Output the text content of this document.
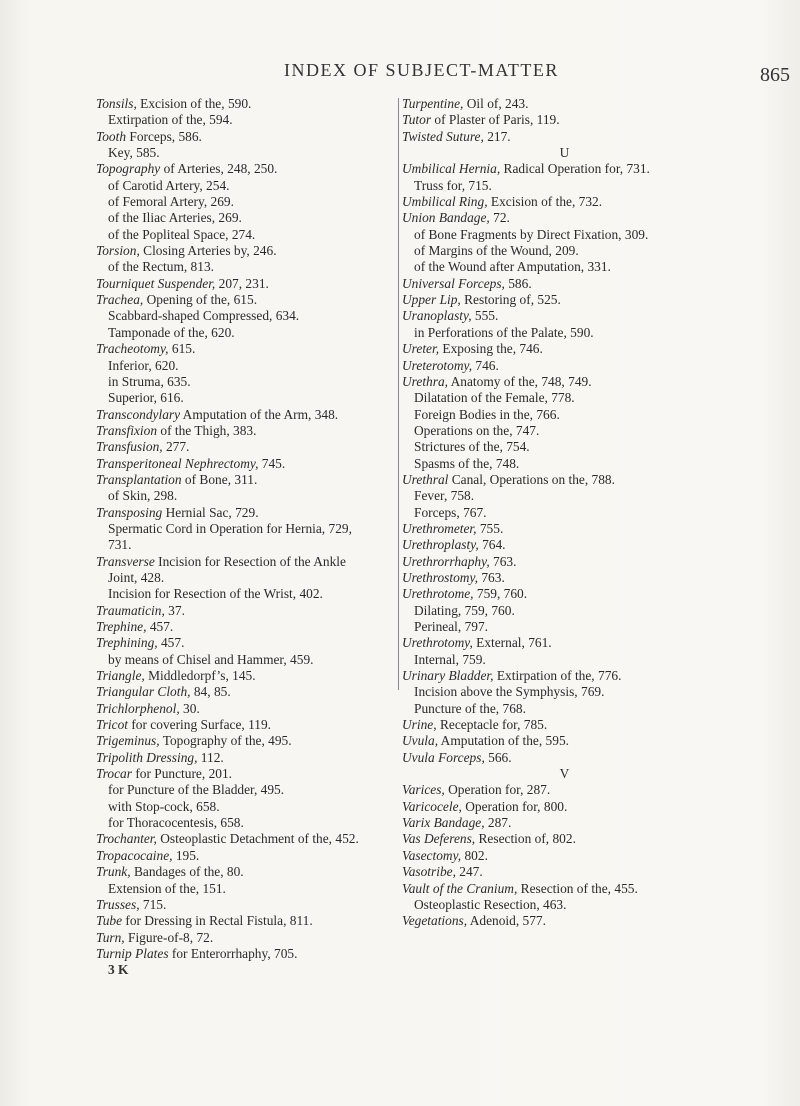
INDEX OF SUBJECT-MATTER	865
Tonsils, Excision of the, 590.
Extirpation of the, 594.
Tooth Forceps, 586.
Key, 585.
Topography of Arteries, 248, 250.
of Carotid Artery, 254.
of Femoral Artery, 269.
of the Iliac Arteries, 269.
of the Popliteal Space, 274.
Torsion, Closing Arteries by, 246.
of the Rectum, 813.
Tourniquet Suspender, 207, 231.
Trachea, Opening of the, 615.
Scabbard-shaped Compressed, 634.
Tamponade of the, 620.
Tracheotomy, 615.
Inferior, 620.
in Struma, 635.
Superior, 616.
Transcondylary Amputation of the Arm, 348.
Transfixion of the Thigh, 383.
Transfusion, 277.
Transperitoneal Nephrectomy, 745.
Transplantation of Bone, 311.
of Skin, 298.
Transposing Hernial Sac, 729.
Spermatic Cord in Operation for Hernia, 729,
731.
Transverse Incision for Resection of the Ankle
Joint, 428.
Incision for Resection of the Wrist, 402.
Traumaticin, 37.
Trephine, 457.
Trephining, 457.
by means of Chisel and Hammer, 459.
Triangle, Middledorpf’s, 145.
Triangular Cloth, 84, 85.
Trichlorphenol, 30.
Tricot for covering Surface, 119.
Trigeminus, Topography of the, 495.
Tripolith Dressing, 112.
Trocar for Puncture, 201.
for Puncture of the Bladder, 495.
with Stop-cock, 658.
for Thoracocentesis, 658.
Trochanter, Osteoplastic Detachment of the, 452.
Tropacocaine, 195.
Trunk, Bandages of the, 80.
Extension of the, 151.
Trusses, 715.
Tube for Dressing in Rectal Fistula, 811.
Turn, Figure-of-8, 72.
Turnip Plates for Enterorrhaphy, 705.
3 K
Turpentine, Oil of, 243.
Tutor of Plaster of Paris, 119.
Twisted Suture, 217.
U
Umbilical Hernia, Radical Operation for, 731.
Truss for, 715.
Umbilical Ring, Excision of the, 732.
Union Bandage, 72.
of Bone Fragments by Direct Fixation, 309.
of Margins of the Wound, 209.
of the Wound after Amputation, 331.
Universal Forceps, 586.
Upper Lip, Restoring of, 525.
Uranoplasty, 555.
in Perforations of the Palate, 590.
Ureter, Exposing the, 746.
Ureterotomy, 746.
Urethra, Anatomy of the, 748, 749.
Dilatation of the Female, 778.
Foreign Bodies in the, 766.
Operations on the, 747.
Strictures of the, 754.
Spasms of the, 748.
Urethral Canal, Operations on the, 788.
Fever, 758.
Forceps, 767.
Urethrometer, 755.
Urethroplasty, 764.
Urethrorrhaphy, 763.
Urethrostomy, 763.
Urethrotome, 759, 760.
Dilating, 759, 760.
Perineal, 797.
Urethrotomy, External, 761.
Internal, 759.
Urinary Bladder, Extirpation of the, 776.
Incision above the Symphysis, 769.
Puncture of the, 768.
Urine, Receptacle for, 785.
Uvula, Amputation of the, 595.
Uvula Forceps, 566.
V
Varices, Operation for, 287.
Varicocele, Operation for, 800.
Varix Bandage, 287.
Vas Deferens, Resection of, 802.
Vasectomy, 802.
Vasotribe, 247.
Vault of the Cranium, Resection of the, 455.
Osteoplastic Resection, 463.
Vegetations, Adenoid, 577.
